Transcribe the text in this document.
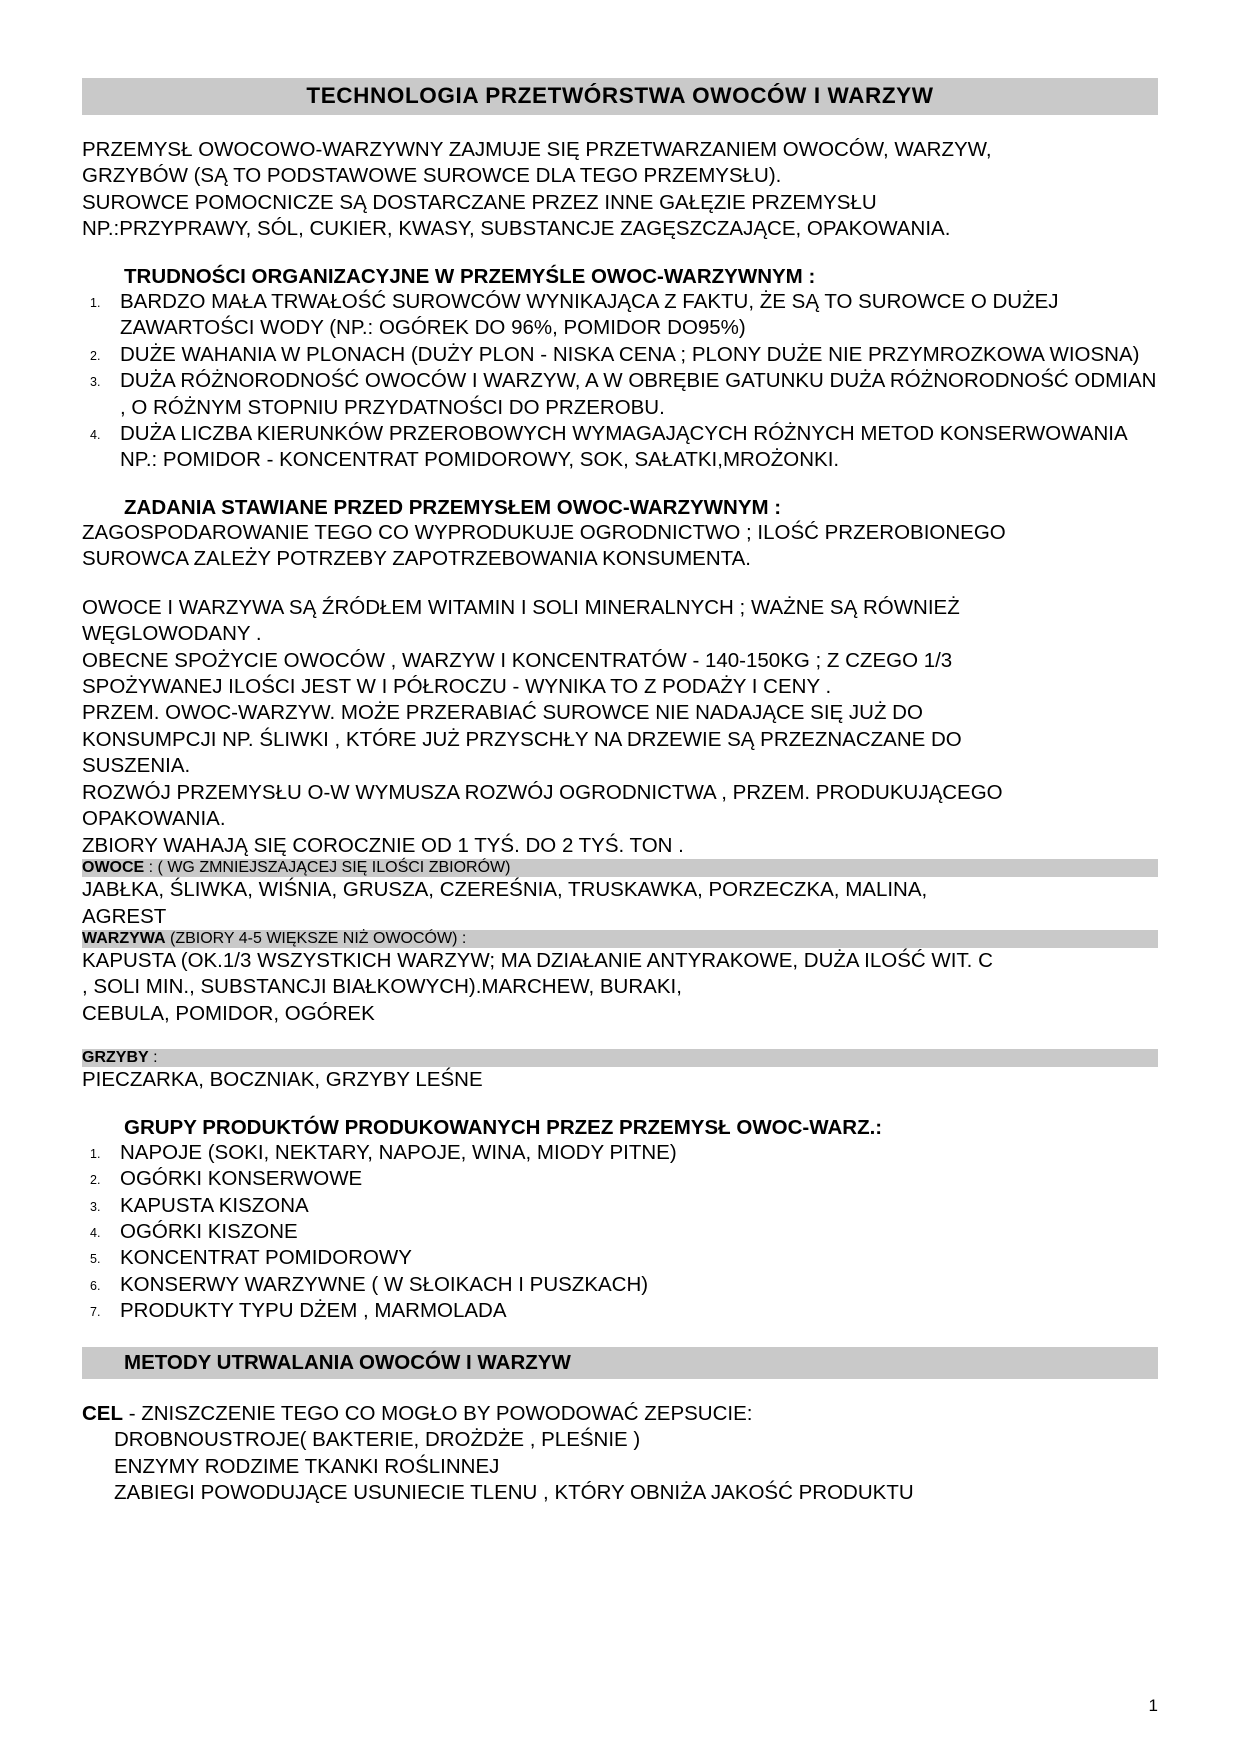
TECHNOLOGIA PRZETWÓRSTWA OWOCÓW I WARZYW
PRZEMYSŁ OWOCOWO-WARZYWNY ZAJMUJE SIĘ PRZETWARZANIEM OWOCÓW, WARZYW,
GRZYBÓW (SĄ TO PODSTAWOWE SUROWCE DLA TEGO PRZEMYSŁU).
SUROWCE POMOCNICZE SĄ DOSTARCZANE PRZEZ INNE GAŁĘZIE PRZEMYSŁU
NP.:PRZYPRAWY, SÓL, CUKIER, KWASY, SUBSTANCJE ZAGĘSZCZAJĄCE, OPAKOWANIA.
TRUDNOŚCI ORGANIZACYJNE W PRZEMYŚLE OWOC-WARZYWNYM :
BARDZO MAŁA TRWAŁOŚĆ SUROWCÓW WYNIKAJĄCA Z FAKTU, ŻE SĄ TO SUROWCE O DUŻEJ ZAWARTOŚCI WODY (NP.: OGÓREK DO 96%, POMIDOR DO95%)
DUŻE WAHANIA W PLONACH (DUŻY PLON - NISKA CENA ; PLONY DUŻE NIE PRZYMROZKOWA WIOSNA)
DUŻA RÓŻNORODNOŚĆ OWOCÓW I WARZYW, A W OBRĘBIE GATUNKU DUŻA RÓŻNORODNOŚĆ ODMIAN , O RÓŻNYM STOPNIU PRZYDATNOŚCI DO PRZEROBU.
DUŻA LICZBA KIERUNKÓW PRZEROBOWYCH WYMAGAJĄCYCH RÓŻNYCH METOD KONSERWOWANIA NP.: POMIDOR - KONCENTRAT POMIDOROWY, SOK, SAŁATKI,MROŻONKI.
ZADANIA STAWIANE PRZED PRZEMYSŁEM OWOC-WARZYWNYM :
ZAGOSPODAROWANIE TEGO CO WYPRODUKUJE OGRODNICTWO ; ILOŚĆ PRZEROBIONEGO
SUROWCA ZALEŻY POTRZEBY ZAPOTRZEBOWANIA KONSUMENTA.
OWOCE I WARZYWA SĄ ŹRÓDŁEM WITAMIN I SOLI MINERALNYCH ; WAŻNE SĄ RÓWNIEŻ
WĘGLOWODANY .
OBECNE SPOŻYCIE OWOCÓW , WARZYW I KONCENTRATÓW - 140-150KG ; Z CZEGO 1/3
SPOŻYWANEJ ILOŚCI JEST W I PÓŁROCZU - WYNIKA TO Z PODAŻY I CENY .
PRZEM. OWOC-WARZYW. MOŻE PRZERABIAĆ SUROWCE NIE NADAJĄCE SIĘ JUŻ DO
KONSUMPCJI NP. ŚLIWKI , KTÓRE JUŻ PRZYSCHŁY NA DRZEWIE SĄ PRZEZNACZANE DO
SUSZENIA.
ROZWÓJ PRZEMYSŁU O-W WYMUSZA ROZWÓJ OGRODNICTWA , PRZEM. PRODUKUJĄCEGO
OPAKOWANIA.
ZBIORY WAHAJĄ SIĘ COROCZNIE OD 1 TYŚ. DO 2 TYŚ. TON .
OWOCE : ( WG ZMNIEJSZAJĄCEJ SIĘ ILOŚCI ZBIORÓW)
JABŁKA, ŚLIWKA, WIŚNIA, GRUSZA, CZEREŚNIA, TRUSKAWKA, PORZECZKA, MALINA,
AGREST
WARZYWA (ZBIORY 4-5 WIĘKSZE NIŻ OWOCÓW) :
KAPUSTA (OK.1/3 WSZYSTKICH WARZYW; MA DZIAŁANIE ANTYRAKOWE, DUŻA ILOŚĆ WIT. C
, SOLI MIN., SUBSTANCJI BIAŁKOWYCH).MARCHEW, BURAKI,
CEBULA, POMIDOR, OGÓREK
GRZYBY :
PIECZARKA, BOCZNIAK, GRZYBY LEŚNE
GRUPY PRODUKTÓW PRODUKOWANYCH PRZEZ PRZEMYSŁ OWOC-WARZ.:
NAPOJE (SOKI, NEKTARY, NAPOJE, WINA, MIODY PITNE)
OGÓRKI KONSERWOWE
KAPUSTA KISZONA
OGÓRKI KISZONE
KONCENTRAT POMIDOROWY
KONSERWY WARZYWNE ( W SŁOIKACH I PUSZKACH)
PRODUKTY TYPU DŻEM , MARMOLADA
METODY UTRWALANIA OWOCÓW I WARZYW
CEL - ZNISZCZENIE TEGO CO MOGŁO BY POWODOWAĆ ZEPSUCIE:
DROBNOUSTROJE( BAKTERIE, DROŻDŻE , PLEŚNIE )
ENZYMY RODZIME TKANKI ROŚLINNEJ
ZABIEGI POWODUJĄCE USUNIECIE TLENU , KTÓRY OBNIŻA JAKOŚĆ PRODUKTU
1
